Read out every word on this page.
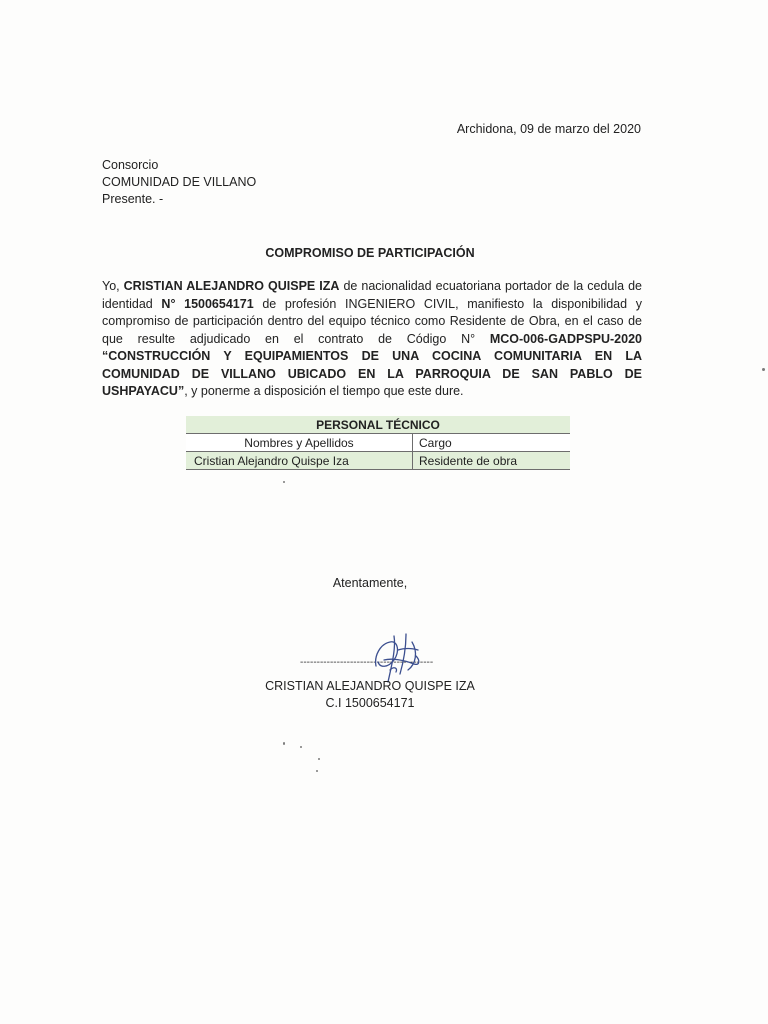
Archidona, 09 de marzo del 2020
Consorcio
COMUNIDAD DE VILLANO
Presente. -
COMPROMISO DE PARTICIPACIÓN
Yo, CRISTIAN ALEJANDRO QUISPE IZA de nacionalidad ecuatoriana portador de la cedula de identidad N° 1500654171 de profesión INGENIERO CIVIL, manifiesto la disponibilidad y compromiso de participación dentro del equipo técnico como Residente de Obra, en el caso de que resulte adjudicado en el contrato de Código N° MCO-006-GADPSPU-2020 “CONSTRUCCIÓN Y EQUIPAMIENTOS DE UNA COCINA COMUNITARIA EN LA COMUNIDAD DE VILLANO UBICADO EN LA PARROQUIA DE SAN PABLO DE USHPAYACU”, y ponerme a disposición el tiempo que este dure.
PERSONAL TÉCNICO	
Nombres y Apellidos	Cargo
Cristian Alejandro Quispe Iza	Residente de obra
Atentamente,
----------------------------------------
CRISTIAN ALEJANDRO QUISPE IZA
C.I 1500654171
